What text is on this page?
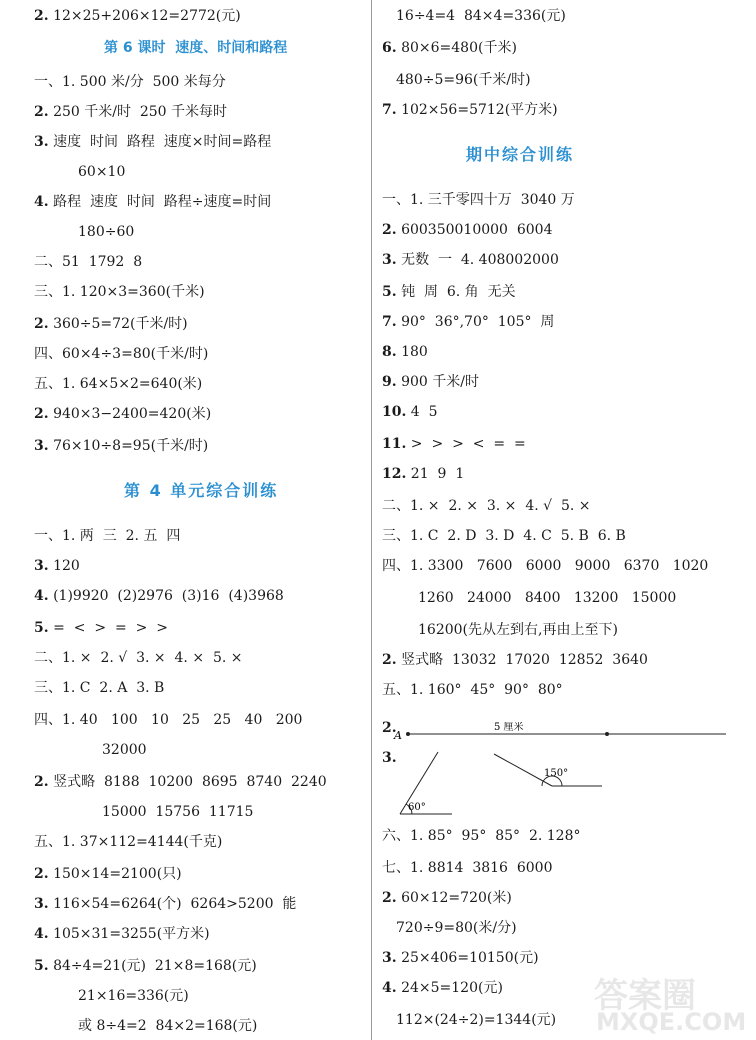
2. 12×25+206×12=2772(元)
第 6 课时  速度、时间和路程
一、1. 500 米/分  500 米每分
2. 250 千米/时  250 千米每时
3. 速度  时间  路程  速度×时间=路程
60×10
4. 路程  速度  时间  路程÷速度=时间
180÷60
二、51  1792  8
三、1. 120×3=360(千米)
2. 360÷5=72(千米/时)
四、60×4÷3=80(千米/时)
五、1. 64×5×2=640(米)
2. 940×3−2400=420(米)
3. 76×10÷8=95(千米/时)
第 4 单元综合训练
一、1. 两  三  2. 五  四
3. 120
4. (1)9920  (2)2976  (3)16  (4)3968
5. =  <  >  =  >  >
二、1. ×  2. √  3. ×  4. ×  5. ×
三、1. C  2. A  3. B
四、1. 40   100   10   25   25   40   200
32000
2. 竖式略  8188  10200  8695  8740  2240
15000  15756  11715
五、1. 37×112=4144(千克)
2. 150×14=2100(只)
3. 116×54=6264(个)  6264>5200  能
4. 105×31=3255(平方米)
5. 84÷4=21(元)  21×8=168(元)
21×16=336(元)
或 8÷4=2  84×2=168(元)
16÷4=4  84×4=336(元)
6. 80×6=480(千米)
480÷5=96(千米/时)
7. 102×56=5712(平方米)
期中综合训练
一、1. 三千零四十万  3040 万
2. 600350010000  6004
3. 无数  一  4. 408002000
5. 钝  周  6. 角  无关
7. 90°  36°,70°  105°  周
8. 180
9. 900 千米/时
10. 4  5
11. >  >  >  <  =  =
12. 21  9  1
二、1. ×  2. ×  3. ×  4. √  5. ×
三、1. C  2. D  3. D  4. C  5. B  6. B
四、1. 3300   7600   6000   9000   6370   1020
1260   24000   8400   13200   15000
16200(先从左到右,再由上至下)
2. 竖式略  13032  17020  12852  3640
五、1. 160°  45°  90°  80°
2.
3.
六、1. 85°  95°  85°  2. 128°
七、1. 8814  3816  6000
2. 60×12=720(米)
720÷9=80(米/分)
3. 25×406=10150(元)
4. 24×5=120(元)
112×(24÷2)=1344(元)
A
5 厘米
60°
150°
答案圈
MXQE.COM
